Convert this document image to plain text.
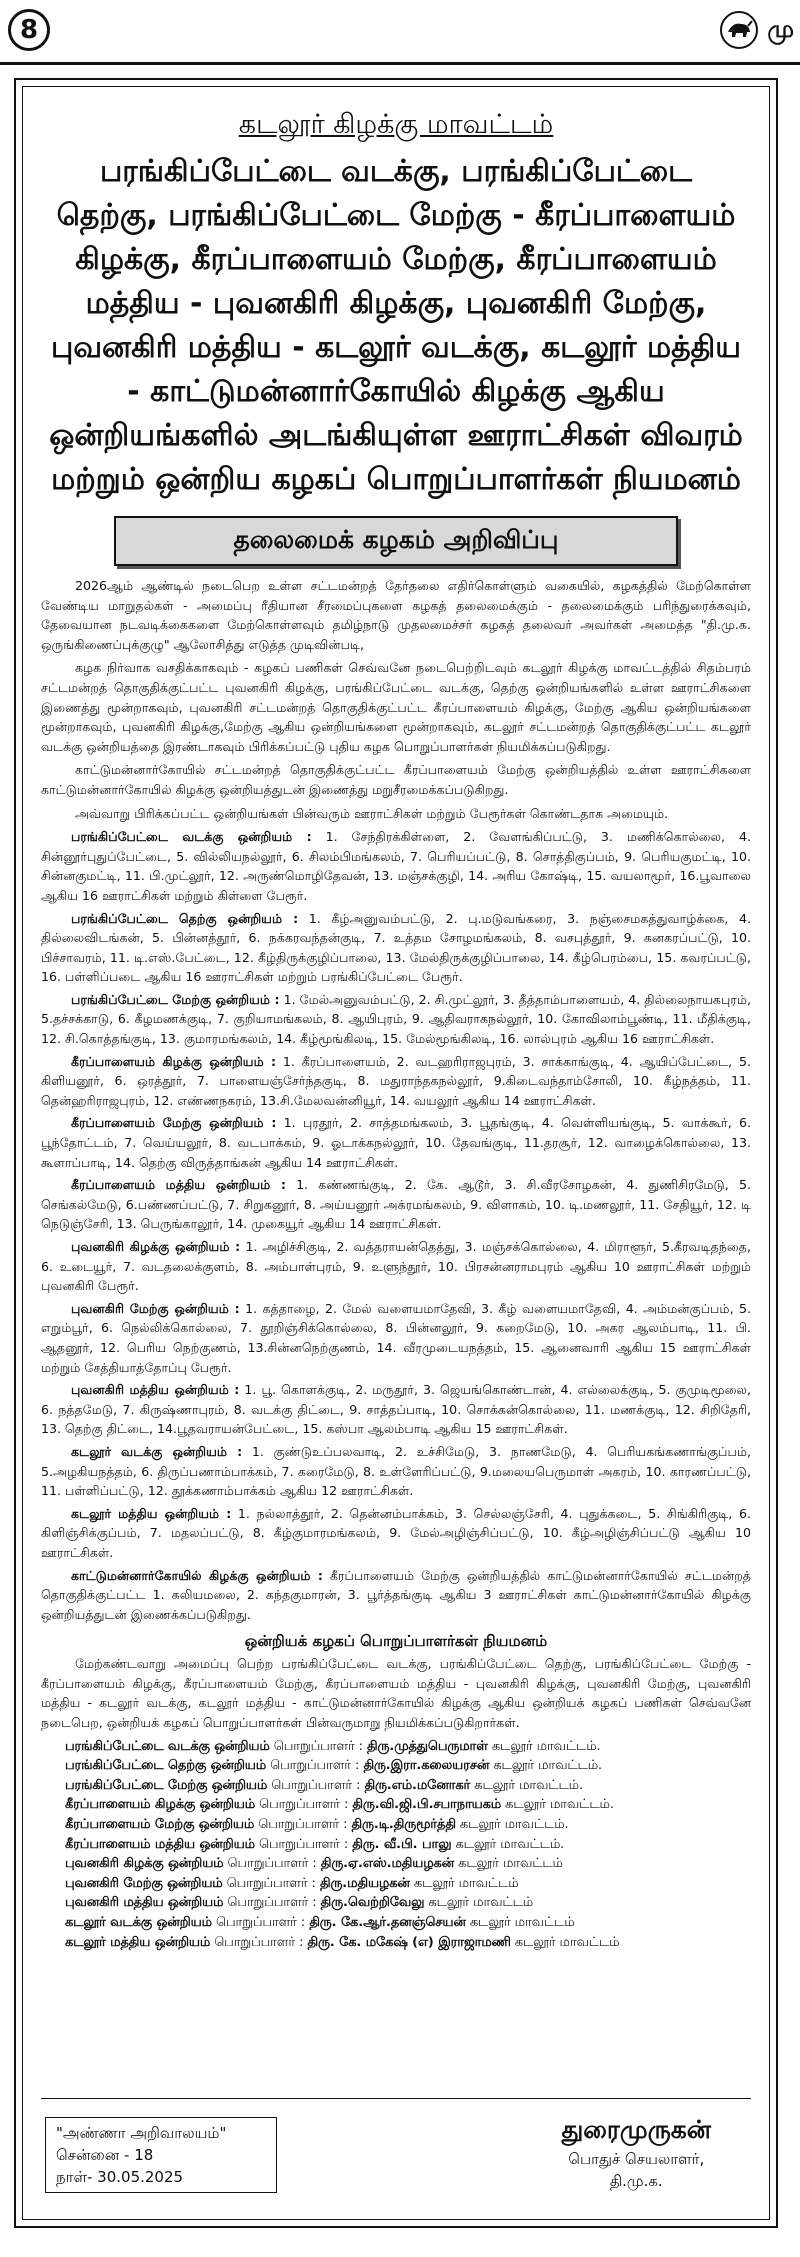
8	மு
கடலூர் கிழக்கு மாவட்டம்
பரங்கிப்பேட்டை வடக்கு, பரங்கிப்பேட்டை தெற்கு, பரங்கிப்பேட்டை மேற்கு - கீரப்பாளையம் கிழக்கு, கீரப்பாளையம் மேற்கு, கீரப்பாளையம் மத்திய - புவனகிரி கிழக்கு, புவனகிரி மேற்கு, புவனகிரி மத்திய - கடலூர் வடக்கு, கடலூர் மத்திய - காட்டுமன்னார்கோயில் கிழக்கு ஆகிய ஒன்றியங்களில் அடங்கியுள்ள ஊராட்சிகள் விவரம் மற்றும் ஒன்றிய கழகப் பொறுப்பாளர்கள் நியமனம்
தலைமைக் கழகம் அறிவிப்பு

2026ஆம் ஆண்டில் நடைபெற உள்ள சட்டமன்றத் தேர்தலை எதிர்கொள்ளும் வகையில், கழகத்தில் மேற்கொள்ள வேண்டிய மாறுதல்கள் - அமைப்பு ரீதியான சீரமைப்புகளை கழகத் தலைமைக்கும் - தலைமைக்கும் பரிந்துரைக்கவும், தேவையான நடவடிக்கைகளை மேற்கொள்ளவும் தமிழ்நாடு முதலமைச்சர் கழகத் தலைவர் அவர்கள் அமைத்த "தி.மு.க. ஒருங்கிணைப்புக்குழு" ஆலோசித்து எடுத்த முடிவின்படி,

கழக நிர்வாக வசதிக்காகவும் - கழகப் பணிகள் செவ்வனே நடைபெற்றிடவும் கடலூர் கிழக்கு மாவட்டத்தில் சிதம்பரம் சட்டமன்றத் தொகுதிக்குட்பட்ட புவனகிரி கிழக்கு, பரங்கிப்பேட்டை வடக்கு, தெற்கு ஒன்றியங்களில் உள்ள ஊராட்சிகளை இணைத்து மூன்றாகவும், புவனகிரி சட்டமன்றத் தொகுதிக்குட்பட்ட கீரப்பாளையம் கிழக்கு, மேற்கு ஆகிய ஒன்றியங்களை மூன்றாகவும், புவனகிரி கிழக்கு,மேற்கு ஆகிய ஒன்றியங்களை மூன்றாகவும், கடலூர் சட்டமன்றத் தொகுதிக்குட்பட்ட கடலூர் வடக்கு ஒன்றியத்தை இரண்டாகவும் பிரிக்கப்பட்டு புதிய கழக பொறுப்பாளர்கள் நியமிக்கப்படுகிறது.

காட்டுமன்னார்கோயில் சட்டமன்றத் தொகுதிக்குட்பட்ட கீரப்பாளையம் மேற்கு ஒன்றியத்தில் உள்ள ஊராட்சிகளை காட்டுமன்னார்கோயில் கிழக்கு ஒன்றியத்துடன் இணைத்து மறுசீரமைக்கப்படுகிறது.

அவ்வாறு பிரிக்கப்பட்ட ஒன்றியங்கள் பின்வரும் ஊராட்சிகள் மற்றும் பேரூர்கள் கொண்டதாக அமையும்.

பரங்கிப்பேட்டை வடக்கு ஒன்றியம் : 1. சேந்திரக்கிள்ளை, 2. வேளங்கிப்பட்டு, 3. மணிக்கொல்லை, 4. சின்னூர்புதுப்பேட்டை, 5. வில்லியநல்லூர், 6. சிலம்பிமங்கலம், 7. பெரியப்பட்டு, 8. சொத்திகுப்பம், 9. பெரியகுமட்டி, 10. சின்னகுமட்டி, 11. பி.முட்லூர், 12. அருண்மொழிதேவன், 13. மஞ்சக்குழி, 14. அரிய கோஷ்டி, 15. வயலாமூர், 16.பூவாலை ஆகிய 16 ஊராட்சிகள் மற்றும் கிள்ளை பேரூர்.
பரங்கிப்பேட்டை தெற்கு ஒன்றியம் : 1. கீழ்அனுவம்பட்டு, 2. பு.மடுவங்கரை, 3. நஞ்சைமகத்துவாழ்க்கை, 4. தில்லைவிடங்கன், 5. பின்னத்தூர், 6. நக்கரவந்தன்குடி, 7. உத்தம சோழமங்கலம், 8. வசபுத்தூர், 9. கனகரப்பட்டு, 10. பிச்சாவரம், 11. டி.எஸ்.பேட்டை, 12. கீழ்திருக்குழிப்பாலை, 13. மேல்திருக்குழிப்பாலை, 14. கீழ்பெரம்பை, 15. கவரப்பட்டு, 16. பள்ளிப்படை ஆகிய 16 ஊராட்சிகள் மற்றும் பரங்கிப்பேட்டை பேரூர்.
பரங்கிப்பேட்டை மேற்கு ஒன்றியம் : 1. மேல்அனுவம்பட்டு, 2. சி.முட்லூர், 3. தீத்தாம்பாளையம், 4. தில்லைநாயகபுரம், 5.தச்சக்காடு, 6. கீழமணக்குடி, 7. குறியாமங்கலம், 8. ஆயிபுரம், 9. ஆதிவராகநல்லூர், 10. கோவிலாம்பூண்டி, 11. மீதிக்குடி, 12. சி.கொத்தங்குடி, 13. குமாரமங்கலம், 14. கீழ்மூங்கிலடி, 15. மேல்மூங்கிலடி, 16. லால்புரம் ஆகிய 16 ஊராட்சிகள்.
கீரப்பாளையம் கிழக்கு ஒன்றியம் : 1. கீரப்பாளையம், 2. வடஹரிராஜபுரம், 3. சாக்காங்குடி, 4. ஆயிப்பேட்டை, 5. கிளியனூர், 6. ஒரத்தூர், 7. பாளையஞ்சேர்ந்தகுடி, 8. மதுராந்தகநல்லூர், 9.கிடைவந்தாம்சோலி, 10. கீழ்நத்தம், 11. தென்ஹரிராஜபுரம், 12. எண்ணநகரம், 13.சி.மேலவன்னியூர், 14. வயலூர் ஆகிய 14 ஊராட்சிகள்.
கீரப்பாளையம் மேற்கு ஒன்றியம் : 1. புரதூர், 2. சாத்தமங்கலம், 3. பூதங்குடி, 4. வெள்ளியங்குடி, 5. வாக்கூர், 6. பூந்தோட்டம், 7. வெய்யலூர், 8. வடபாக்கம், 9. ஓடாக்கநல்லூர், 10. தேவங்குடி, 11.தரசூர், 12. வாழைக்கொல்லை, 13. கூளாப்பாடி, 14. தெற்கு விருத்தாங்கன் ஆகிய 14 ஊராட்சிகள்.
கீரப்பாளையம் மத்திய ஒன்றியம் : 1. கண்ணங்குடி, 2. கே. ஆடூர், 3. சி.வீரசோழகன், 4. துணிசிரமேடு, 5. செங்கல்மேடு, 6.பண்ணப்பட்டு, 7. சிறுகனூர், 8. அய்யனூர் அக்ரமங்கலம், 9. விளாகம், 10. டி.மணலூர், 11. சேதியூர், 12. டி நெடுஞ்சேரி, 13. பெருங்காலூர், 14. முகையூர் ஆகிய 14 ஊராட்சிகள்.
புவனகிரி கிழக்கு ஒன்றியம் : 1. அழிச்சிகுடி, 2. வத்தராயன்தெத்து, 3. மஞ்சக்கொல்லை, 4. மிராளூர், 5.கீரவடிதந்தை, 6. உடையூர், 7. வடதலைக்குளம், 8. அம்பாள்புரம், 9. உளுந்தூர், 10. பிரசன்னராமபுரம் ஆகிய 10 ஊராட்சிகள் மற்றும் புவனகிரி பேரூர்.
புவனகிரி மேற்கு ஒன்றியம் : 1. கத்தாழை, 2. மேல் வளையமாதேவி, 3. கீழ் வளையமாதேவி, 4. அம்மன்குப்பம், 5. எறும்பூர், 6. நெல்லிக்கொல்லை, 7. தூறிஞ்சிக்கொல்லை, 8. பின்னலூர், 9. கறைமேடு, 10. அகர ஆலம்பாடி, 11. பி. ஆதனூர், 12. பெரிய நெற்குணம், 13.சின்னநெற்குணம், 14. வீரமுடையநத்தம், 15. ஆனைவாரி ஆகிய 15 ஊராட்சிகள் மற்றும் சேத்தியாத்தோப்பு பேரூர்.
புவனகிரி மத்திய ஒன்றியம் : 1. பூ. கொளக்குடி, 2. மருதூர், 3. ஜெயங்கொண்டான், 4. எல்லைக்குடி, 5. குமுடிமூலை, 6. நத்தமேடு, 7. கிருஷ்ணாபுரம், 8. வடக்கு திட்டை, 9. சாத்தப்பாடி, 10. சொக்கன்கொல்லை, 11. மணக்குடி, 12. சிறிதேரி, 13. தெற்கு திட்டை, 14.பூதவராயன்பேட்டை, 15. கஸ்பா ஆலம்பாடி ஆகிய 15 ஊராட்சிகள்.
கடலூர் வடக்கு ஒன்றியம் : 1. குண்டுஉப்பலவாடி, 2. உச்சிமேடு, 3. நாணமேடு, 4. பெரியகங்கணாங்குப்பம், 5.அழகியநத்தம், 6. திருப்பணாம்பாக்கம், 7. கரைமேடு, 8. உள்ளேரிப்பட்டு, 9.மலையபெருமாள் அகரம், 10. காரணப்பட்டு, 11. பள்ளிப்பட்டு, 12. தூக்கணாம்பாக்கம் ஆகிய 12 ஊராட்சிகள்.
கடலூர் மத்திய ஒன்றியம் : 1. நல்லாத்தூர், 2. தென்னம்பாக்கம், 3. செல்லஞ்சேரி, 4. புதுக்கடை, 5. சிங்கிரிகுடி, 6. கிளிஞ்சிக்குப்பம், 7. மதலப்பட்டு, 8. கீழ்குமாரமங்கலம், 9. மேல்அழிஞ்சிப்பட்டு, 10. கீழ்அழிஞ்சிப்பட்டு ஆகிய 10 ஊராட்சிகள்.
காட்டுமன்னார்கோயில் கிழக்கு ஒன்றியம் : கீரப்பாளையம் மேற்கு ஒன்றியத்தில் காட்டுமன்னார்கோயில் சட்டமன்றத் தொகுதிக்குட்பட்ட 1. கலியமலை, 2. கந்தகுமாரன், 3. பூர்த்தங்குடி ஆகிய 3 ஊராட்சிகள் காட்டுமன்னார்கோயில் கிழக்கு ஒன்றியத்துடன் இணைக்கப்படுகிறது.
ஒன்றியக் கழகப் பொறுப்பாளர்கள் நியமனம்
மேற்கண்டவாறு அமைப்பு பெற்ற பரங்கிப்பேட்டை வடக்கு, பரங்கிப்பேட்டை தெற்கு, பரங்கிப்பேட்டை மேற்கு - கீரப்பாளையம் கிழக்கு, கீரப்பாளையம் மேற்கு, கீரப்பாளையம் மத்திய - புவனகிரி கிழக்கு, புவனகிரி மேற்கு, புவனகிரி மத்திய - கடலூர் வடக்கு, கடலூர் மத்திய - காட்டுமன்னார்கோயில் கிழக்கு ஆகிய ஒன்றியக் கழகப் பணிகள் செவ்வனே நடைபெற, ஒன்றியக் கழகப் பொறுப்பாளர்கள் பின்வருமாறு நியமிக்கப்படுகிறார்கள்.
பரங்கிப்பேட்டை வடக்கு ஒன்றியம் பொறுப்பாளர் : திரு.முத்துபெருமாள் கடலூர் மாவட்டம்.
பரங்கிப்பேட்டை தெற்கு ஒன்றியம் பொறுப்பாளர் : திரு.இரா.கலையரசன் கடலூர் மாவட்டம்.
பரங்கிப்பேட்டை மேற்கு ஒன்றியம் பொறுப்பாளர் : திரு.எம்.மனோகர் கடலூர் மாவட்டம்.
கீரப்பாளையம் கிழக்கு ஒன்றியம் பொறுப்பாளர் : திரு.வி.ஜி.பி.சபாநாயகம் கடலூர் மாவட்டம்.
கீரப்பாளையம் மேற்கு ஒன்றியம் பொறுப்பாளர் : திரு.டி.திருமூர்த்தி கடலூர் மாவட்டம்.
கீரப்பாளையம் மத்திய ஒன்றியம் பொறுப்பாளர் : திரு. வீ.பி. பாலு கடலூர் மாவட்டம்.
புவனகிரி கிழக்கு ஒன்றியம் பொறுப்பாளர் : திரு.ஏ.எஸ்.மதியழகன் கடலூர் மாவட்டம்
புவனகிரி மேற்கு ஒன்றியம் பொறுப்பாளர் : திரு.மதியழகன் கடலூர் மாவட்டம்
புவனகிரி மத்திய ஒன்றியம் பொறுப்பாளர் : திரு.வெற்றிவேலு கடலூர் மாவட்டம்
கடலூர் வடக்கு ஒன்றியம் பொறுப்பாளர் : திரு. கே.ஆர்.தனஞ்செயன் கடலூர் மாவட்டம்
கடலூர் மத்திய ஒன்றியம் பொறுப்பாளர் : திரு. கே. மகேஷ் (எ) இராஜாமணி கடலூர் மாவட்டம்
"அண்ணா அறிவாலயம்"
சென்னை - 18
நாள்- 30.05.2025
துரைமுருகன்
பொதுச் செயலாளர்,
தி.மு.க.
